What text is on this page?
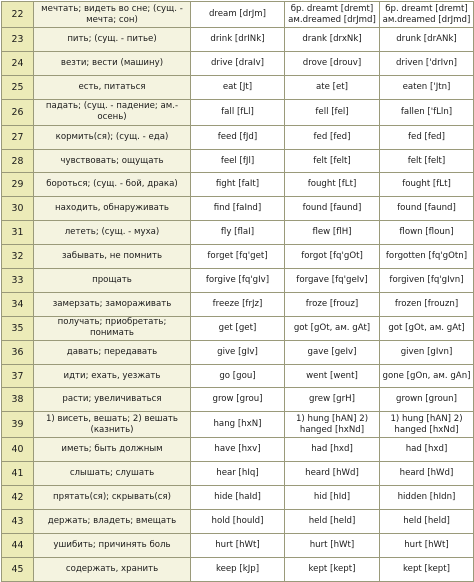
22	мечтать; видеть во сне; (сущ. - мечта; сон)	dream [drJm]	бр. dreamt [dremt] ам.dreamed [drJmd]	бр. dreamt [dremt] ам.dreamed [drJmd]
23	пить; (сущ. - питье)	drink [drINk]	drank [drxNk]	drunk [drANk]
24	везти; вести (машину)	drive [draIv]	drove [drouv]	driven ['drIvn]
25	есть, питаться	eat [Jt]	ate [et]	eaten ['Jtn]
26	падать; (сущ. - падение; ам.- осень)	fall [fLl]	fell [fel]	fallen ['fLln]
27	кормить(ся); (сущ. - еда)	feed [fJd]	fed [fed]	fed [fed]
28	чувствовать; ощущать	feel [fJl]	felt [felt]	felt [felt]
29	бороться; (сущ. - бой, драка)	fight [faIt]	fought [fLt]	fought [fLt]
30	находить, обнаруживать	find [faInd]	found [faund]	found [faund]
31	лететь; (сущ. - муха)	fly [flaI]	flew [flH]	flown [floun]
32	забывать, не помнить	forget [fq'get]	forgot [fq'gOt]	forgotten [fq'gOtn]
33	прощать	forgive [fq'gIv]	forgave [fq'geIv]	forgiven [fq'gIvn]
34	замерзать; замораживать	freeze [frJz]	froze [frouz]	frozen [frouzn]
35	получать; приобретать; понимать	get [get]	got [gOt, ам. gAt]	got [gOt, ам. gAt]
36	давать; передавать	give [gIv]	gave [geIv]	given [gIvn]
37	идти; ехать, уезжать	go [gou]	went [went]	gone [gOn, ам. gAn]
38	расти; увеличиваться	grow [grou]	grew [grH]	grown [groun]
39	1) висеть, вешать; 2) вешать (казнить)	hang [hxN]	1) hung [hAN] 2) hanged [hxNd]	1) hung [hAN] 2) hanged [hxNd]
40	иметь; быть должным	have [hxv]	had [hxd]	had [hxd]
41	слышать; слушать	hear [hIq]	heard [hWd]	heard [hWd]
42	прятать(ся); скрывать(ся)	hide [haId]	hid [hId]	hidden [hIdn]
43	держать; владеть; вмещать	hold [hould]	held [held]	held [held]
44	ушибить; причинять боль	hurt [hWt]	hurt [hWt]	hurt [hWt]
45	содержать, хранить	keep [kJp]	kept [kept]	kept [kept]
